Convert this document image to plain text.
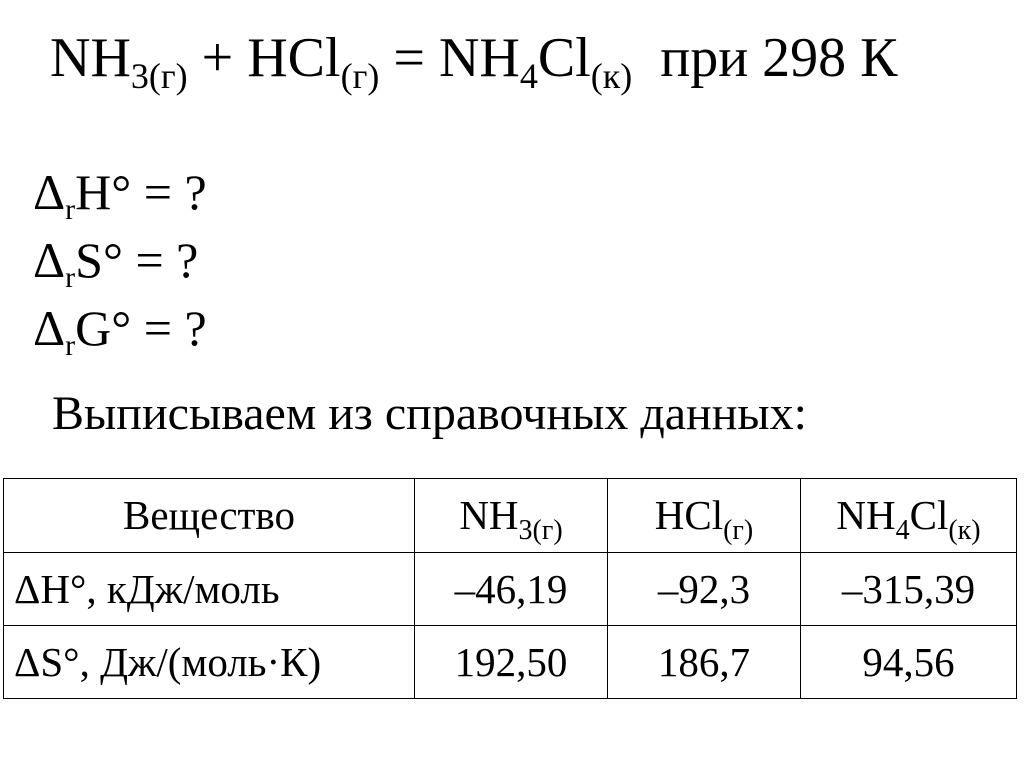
$NH_{3(г)} + HCl_{(г)} = NH_4Cl_{(к)}$ при 298 К
$\Delta_rH^\circ$ = ?
$\Delta_rS^\circ$ = ?
$\Delta_rG^\circ$ = ?
Выписываем из справочных данных:
Вещество	$NH_{3(г)}$	HCl$_{(г)}$	$NH_4Cl_{(к)}$
ΔH°, кДж/моль	–46,19	–92,3	–315,39
ΔS°, Дж/(моль·К)	192,50	186,7	94,56
